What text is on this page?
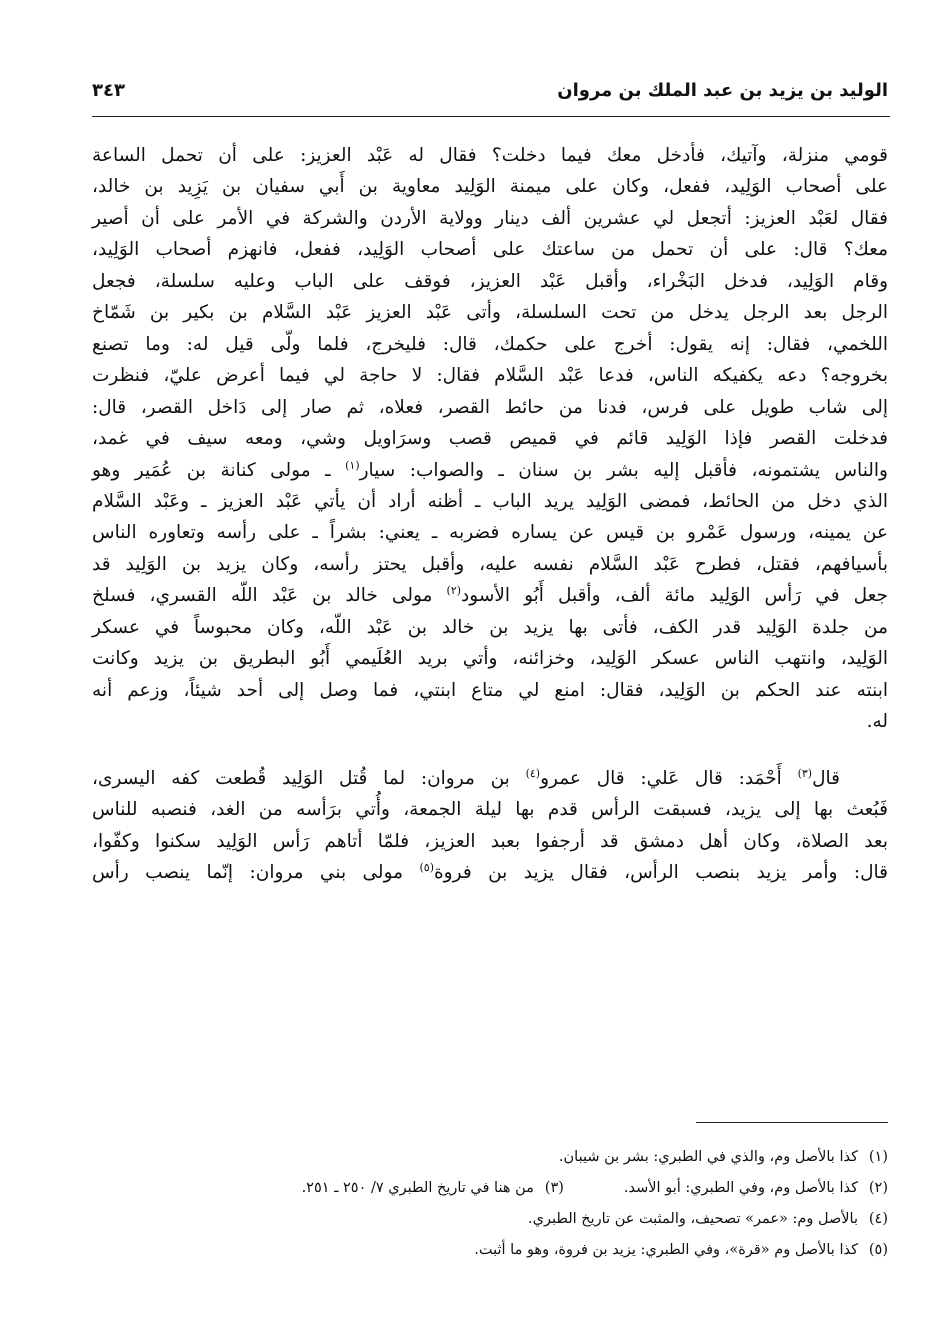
الوليد بن يزيد بن عبد الملك بن مروان
٣٤٣
قومي منزلة، وآتيك، فأدخل معك فيما دخلت؟ فقال له عَبْد العزيز: على أن تحمل الساعة
على أصحاب الوَلِيد، ففعل، وكان على ميمنة الوَلِيد معاوية بن أَبي سفيان بن يَزِيد بن خالد،
فقال لعَبْد العزيز: أتجعل لي عشرين ألف دينار وولاية الأردن والشركة في الأمر على أن أصير
معك؟ قال: على أن تحمل من ساعتك على أصحاب الوَلِيد، ففعل، فانهزم أصحاب الوَلِيد،
وقام الوَلِيد، فدخل البَخْراء، وأقبل عَبْد العزيز، فوقف على الباب وعليه سلسلة، فجعل
الرجل بعد الرجل يدخل من تحت السلسلة، وأتى عَبْد العزيز عَبْد السَّلام بن بكير بن شَمّاخ
اللخمي، فقال: إنه يقول: أخرج على حكمك، قال: فليخرج، فلما ولّى قيل له: وما تصنع
بخروجه؟ دعه يكفيكه الناس، فدعا عَبْد السَّلام فقال: لا حاجة لي فيما أعرض عليّ، فنظرت
إلى شاب طويل على فرس، فدنا من حائط القصر، فعلاه، ثم صار إلى دَاخل القصر، قال:
فدخلت القصر فإذا الوَلِيد قائم في قميص قصب وسرَاويل وشي، ومعه سيف في غمد،
والناس يشتمونه، فأقبل إليه بشر بن سنان ـ والصواب: سيار$^{(١)}$ ـ مولى كنانة بن عُمَير وهو
الذي دخل من الحائط، فمضى الوَلِيد يريد الباب ـ أظنه أراد أن يأتي عَبْد العزيز ـ وعَبْد السَّلام
عن يمينه، ورسول عَمْرو بن قيس عن يساره فضربه ـ يعني: بشراً ـ على رأسه وتعاوره الناس
بأسيافهم، فقتل، فطرح عَبْد السَّلام نفسه عليه، وأقبل يحتز رأسه، وكان يزيد بن الوَلِيد قد
جعل في رَأس الوَلِيد مائة ألف، وأقبل أَبُو الأسود$^{(٢)}$ مولى خالد بن عَبْد اللّه القسري، فسلخ
من جلدة الوَلِيد قدر الكف، فأتى بها يزيد بن خالد بن عَبْد اللّه، وكان محبوساً في عسكر
الوَلِيد، وانتهب الناس عسكر الوَلِيد، وخزائنه، وأتي بريد العُلَيمي أَبُو البطريق بن يزيد وكانت
ابنته عند الحكم بن الوَلِيد، فقال: امنع لي متاع ابنتي، فما وصل إلى أحد شيئاً، وزعم أنه
له.
قال$^{(٣)}$ أَحْمَد: قال عَلي: قال عمرو$^{(٤)}$ بن مروان: لما قُتل الوَلِيد قُطعت كفه اليسرى،
فَبُعث بها إلى يزيد، فسبقت الرأس قدم بها ليلة الجمعة، وأُتي برَأسه من الغد، فنصبه للناس
بعد الصلاة، وكان أهل دمشق قد أرجفوا بعبد العزيز، فلمّا أتاهم رَأس الوَلِيد سكنوا وكفّوا،
قال: وأمر يزيد بنصب الرأس، فقال يزيد بن فروة$^{(٥)}$ مولى بني مروان: إنّما ينصب رأس
(١)كذا بالأصل وم، والذي في الطبري: بشر بن شيبان.
(٢)كذا بالأصل وم، وفي الطبري: أبو الأسد.(٣)من هنا في تاريخ الطبري ٧/ ٢٥٠ ـ ٢٥١.
(٤)بالأصل وم: «عمر» تصحيف، والمثبت عن تاريخ الطبري.
(٥)كذا بالأصل وم «قرة»، وفي الطبري: يزيد بن فروة، وهو ما أثبت.
